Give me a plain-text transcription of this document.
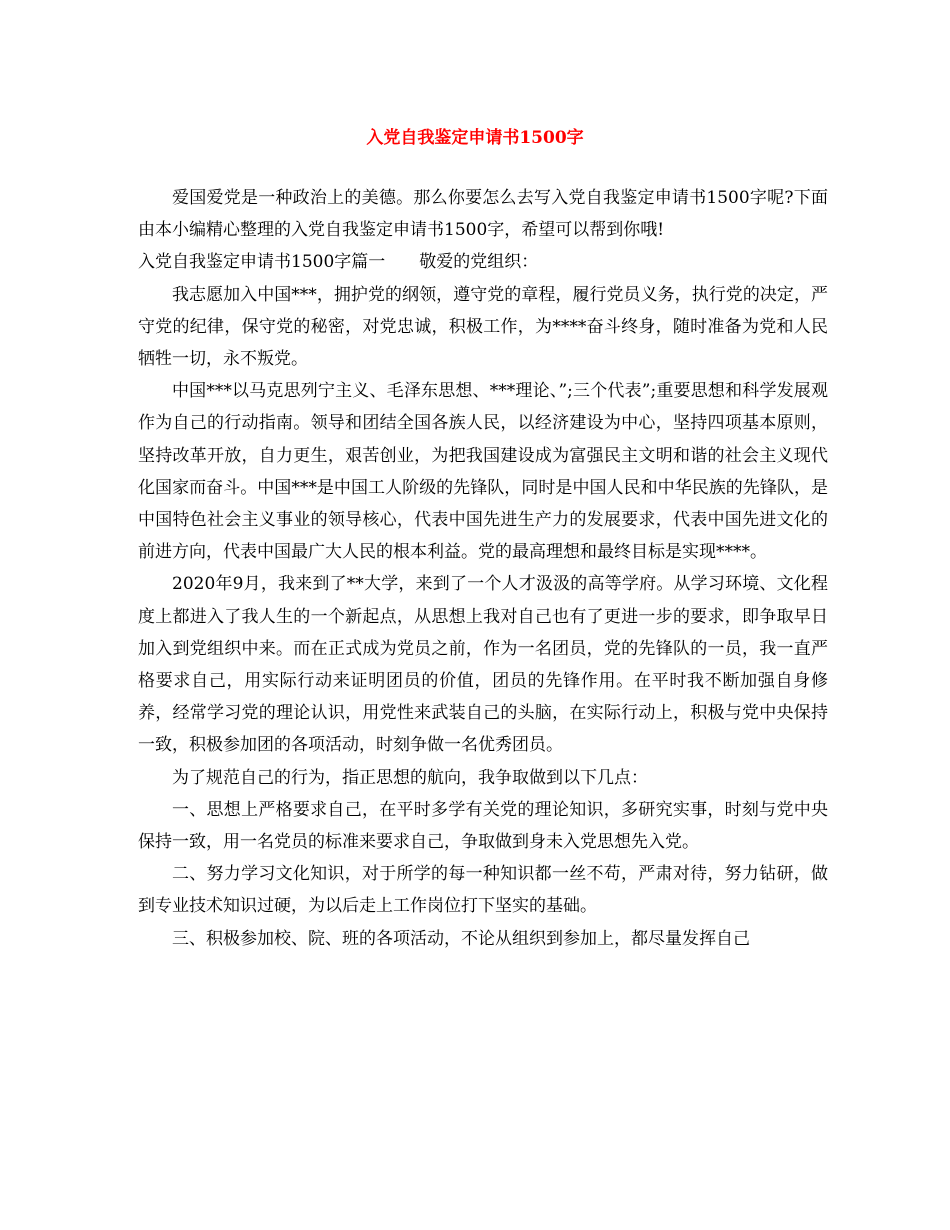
入党自我鉴定申请书1500字

爱国爱党是一种政治上的美德。那么你要怎么去写入党自我鉴定申请书1500字呢?下面由本小编精心整理的入党自我鉴定申请书1500字，希望可以帮到你哦!

入党自我鉴定申请书1500字篇一 敬爱的党组织：

我志愿加入中国***，拥护党的纲领，遵守党的章程，履行党员义务，执行党的决定，严守党的纪律，保守党的秘密，对党忠诚，积极工作，为****奋斗终身，随时准备为党和人民牺牲一切，永不叛党。

中国***以马克思列宁主义、毛泽东思想、***理论、”;三个代表”;重要思想和科学发展观作为自己的行动指南。领导和团结全国各族人民，以经济建设为中心，坚持四项基本原则，坚持改革开放，自力更生，艰苦创业，为把我国建设成为富强民主文明和谐的社会主义现代化国家而奋斗。中国***是中国工人阶级的先锋队，同时是中国人民和中华民族的先锋队，是中国特色社会主义事业的领导核心，代表中国先进生产力的发展要求，代表中国先进文化的前进方向，代表中国最广大人民的根本利益。党的最高理想和最终目标是实现****。

2020年9月，我来到了**大学，来到了一个人才汲汲的高等学府。从学习环境、文化程度上都进入了我人生的一个新起点，从思想上我对自己也有了更进一步的要求，即争取早日加入到党组织中来。而在正式成为党员之前，作为一名团员，党的先锋队的一员，我一直严格要求自己，用实际行动来证明团员的价值，团员的先锋作用。在平时我不断加强自身修养，经常学习党的理论认识，用党性来武装自己的头脑，在实际行动上，积极与党中央保持一致，积极参加团的各项活动，时刻争做一名优秀团员。

为了规范自己的行为，指正思想的航向，我争取做到以下几点：

一、思想上严格要求自己，在平时多学有关党的理论知识，多研究实事，时刻与党中央保持一致，用一名党员的标准来要求自己，争取做到身未入党思想先入党。

二、努力学习文化知识，对于所学的每一种知识都一丝不苟，严肃对待，努力钻研，做到专业技术知识过硬，为以后走上工作岗位打下坚实的基础。

三、积极参加校、院、班的各项活动，不论从组织到参加上，都尽量发挥自己
